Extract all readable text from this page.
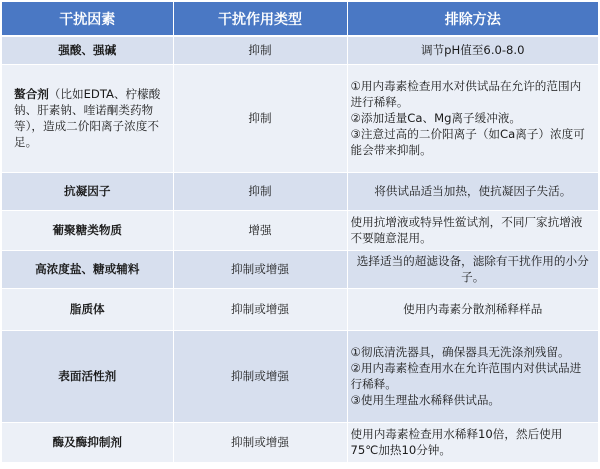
干扰因素	干扰作用类型	排除方法
强酸、强碱	抑制	调节pH值至6.0-8.0

螯合剂（比如EDTA、柠檬酸钠、肝素钠、喹诺酮类药物等），造成二价阳离子浓度不足。	抑制	①用内毒素检查用水对供试品在允许的范围内进行稀释。
②添加适量Ca、Mg离子缓冲液。
③注意过高的二价阳离子（如Ca离子）浓度可能会带来抑制。

抗凝因子	抑制	将供试品适当加热，使抗凝因子失活。

葡聚糖类物质	增强	使用抗增液或特异性鲎试剂，不同厂家抗增液不要随意混用。

高浓度盐、糖或辅料	抑制或增强	选择适当的超滤设备，滤除有干扰作用的小分子。

脂质体	抑制或增强	使用内毒素分散剂稀释样品

表面活性剂	抑制或增强	①彻底清洗器具，确保器具无洗涤剂残留。
②用内毒素检查用水在允许范围内对供试品进行稀释。
③使用生理盐水稀释供试品。

酶及酶抑制剂	抑制或增强	使用内毒素检查用水稀释10倍，然后使用75℃加热10分钟。
